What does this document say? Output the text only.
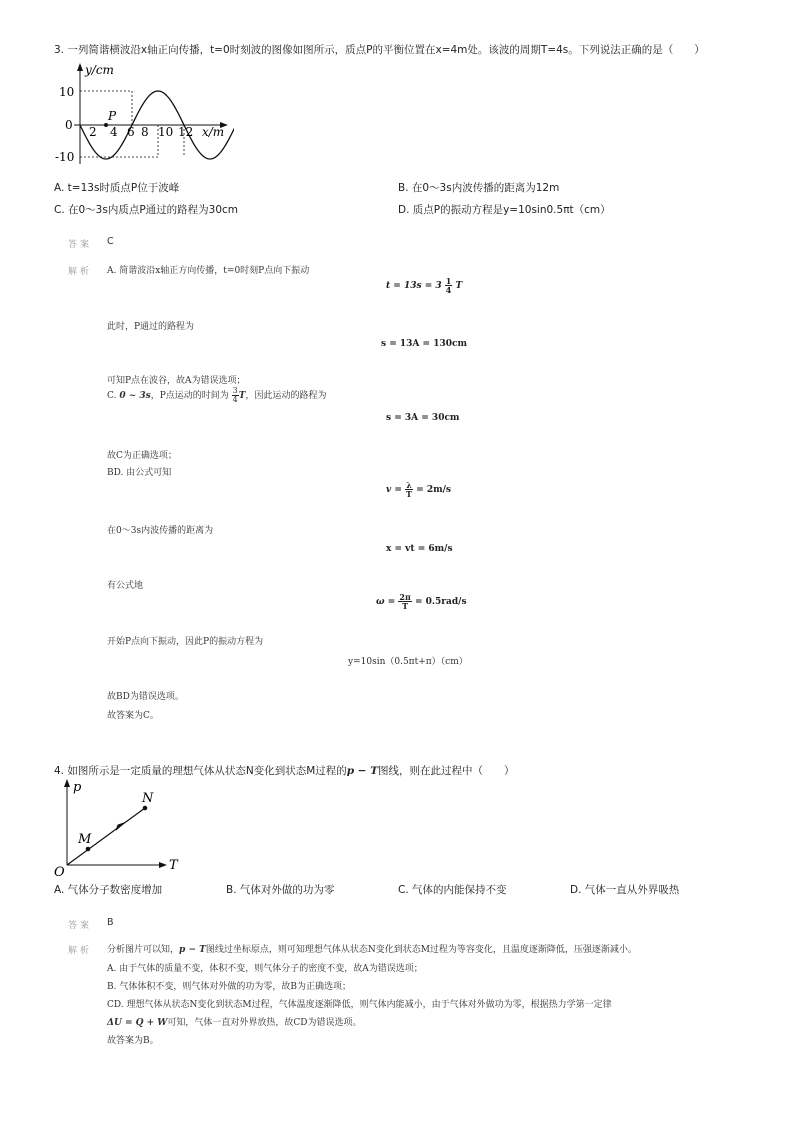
3. 一列简谐横波沿x轴正向传播，t=0时刻波的图像如图所示，质点P的平衡位置在x=4m处。该波的周期T=4s。下列说法正确的是（　　）
y/cm
10
0
-10
2 4 6 8 10 12 x/m
P
A. t=13s时质点P位于波峰	B. 在0～3s内波传播的距离为12m
C. 在0～3s内质点P通过的路程为30cm	D. 质点P的振动方程是y=10sin0.5πt（cm）
答案 C
解析 A. 简谐波沿x轴正方向传播，t=0时刻P点向下振动
$t = 13s = 3 \frac{1}{4}$ T
此时，P通过的路程为
s = 13A = 130cm
可知P点在波谷，故A为错误选项；
C. 0 ~ 3s，P点运动的时间为 $\frac{3}{4}$ T，因此运动的路程为
s = 3A = 30cm
故C为正确选项；
BD. 由公式可知
$v = \frac{\lambda}{T} = 2m/s$
在0～3s内波传播的距离为
x = vt = 6m/s
有公式地
$\omega = \frac{2\pi}{T} = 0.5rad/s$
开始P点向下振动，因此P的振动方程为
y=10sin（0.5πt+π）（cm）
故BD为错误选项。
故答案为C。
4. 如图所示是一定质量的理想气体从状态N变化到状态M过程的p − T图线，则在此过程中（　　）
p
T
O
N
M
A. 气体分子数密度增加	B. 气体对外做的功为零	C. 气体的内能保持不变	D. 气体一直从外界吸热
答案 B
解析 分析图片可以知，p − T图线过坐标原点，则可知理想气体从状态N变化到状态M过程为等容变化，且温度逐渐降低，压强逐渐减小。
A. 由于气体的质量不变，体积不变，则气体分子的密度不变，故A为错误选项；
B. 气体体积不变，则气体对外做的功为零，故B为正确选项；
CD. 理想气体从状态N变化到状态M过程，气体温度逐渐降低，则气体内能减小，由于气体对外做功为零，根据热力学第一定律
ΔU = Q + W可知，气体一直对外界放热，故CD为错误选项。
故答案为B。
